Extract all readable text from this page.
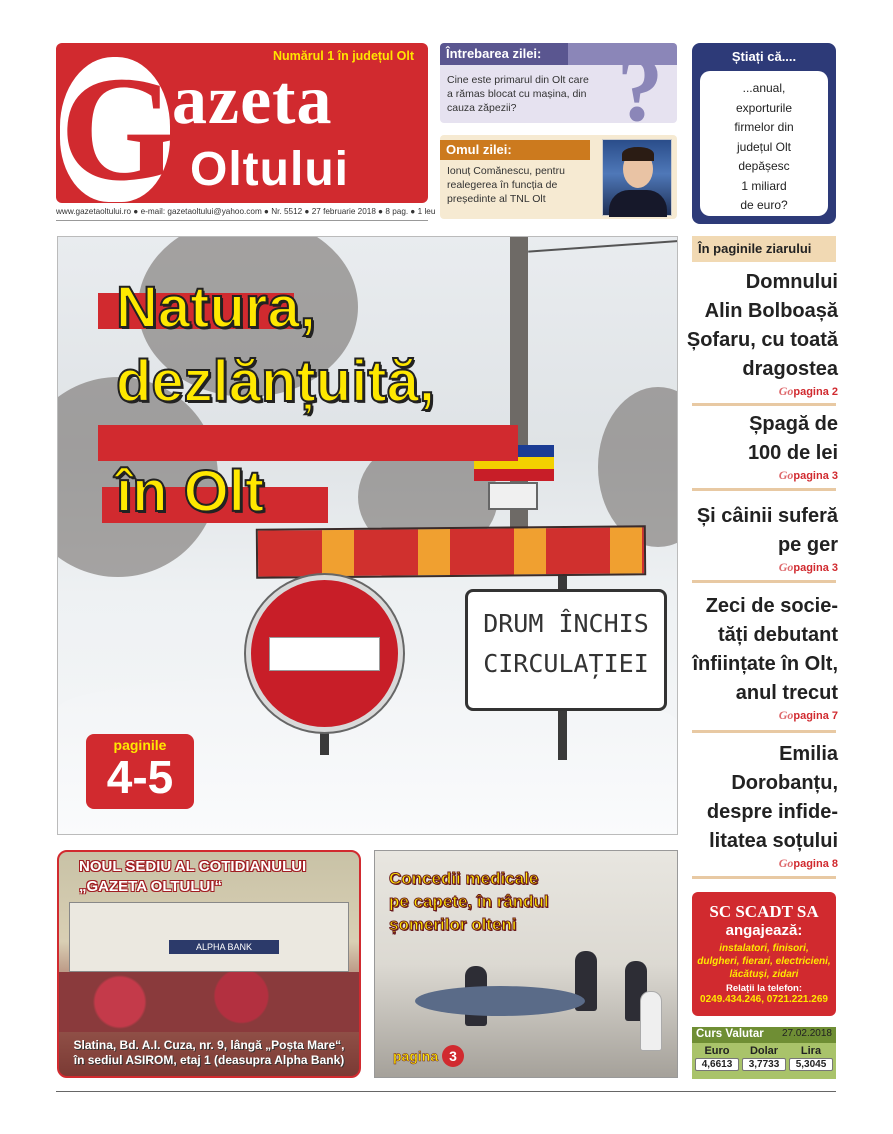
Numărul 1 în județul Olt
G
azeta
Oltului
www.gazetaoltului.ro ● e-mail: gazetaoltului@yahoo.com ● Nr. 5512 ● 27 februarie 2018 ● 8 pag. ● 1 leu
Întrebarea zilei: ?
Cine este primarul din Olt care a rămas blocat cu mașina, din cauza zăpezii?
Omul zilei:
Ionuț Comănescu, pentru realegerea în funcția de președinte al TNL Olt
Știați că....
...anual,
exporturile
firmelor din
județul Olt
depășesc
1 miliard
de euro?
DRUM ÎNCHIS
CIRCULAȚIEI
Natura,
dezlănțuită,
în Olt
paginile
4-5
În paginile ziarului
Domnului
Alin Bolboașă
Șofaru, cu toată
dragostea
Gopagina 2
Șpagă de
100 de lei
Gopagina 3
Și câinii suferă
pe ger
Gopagina 3
Zeci de socie-
tăți debutant
înființate în Olt,
anul trecut
Gopagina 7
Emilia
Dorobanțu,
despre infide-
litatea soțului
Gopagina 8
ALPHA BANK
NOUL SEDIU AL COTIDIANULUI
„GAZETA OLTULUI“
Slatina, Bd. A.I. Cuza, nr. 9, lângă „Poșta Mare“,
în sediul ASIROM, etaj 1 (deasupra Alpha Bank)
Concedii medicale
pe capete, în rândul
șomerilor olteni
pagina 3
SC SCADT SA
angajează:
instalatori, finisori,
dulgheri, fierari, electricieni,
lăcătuși, zidari
Relații la telefon:
0249.434.246, 0721.221.269
Curs Valutar 27.02.2018
Euro
4,6613
Dolar
3,7733
Lira
5,3045
